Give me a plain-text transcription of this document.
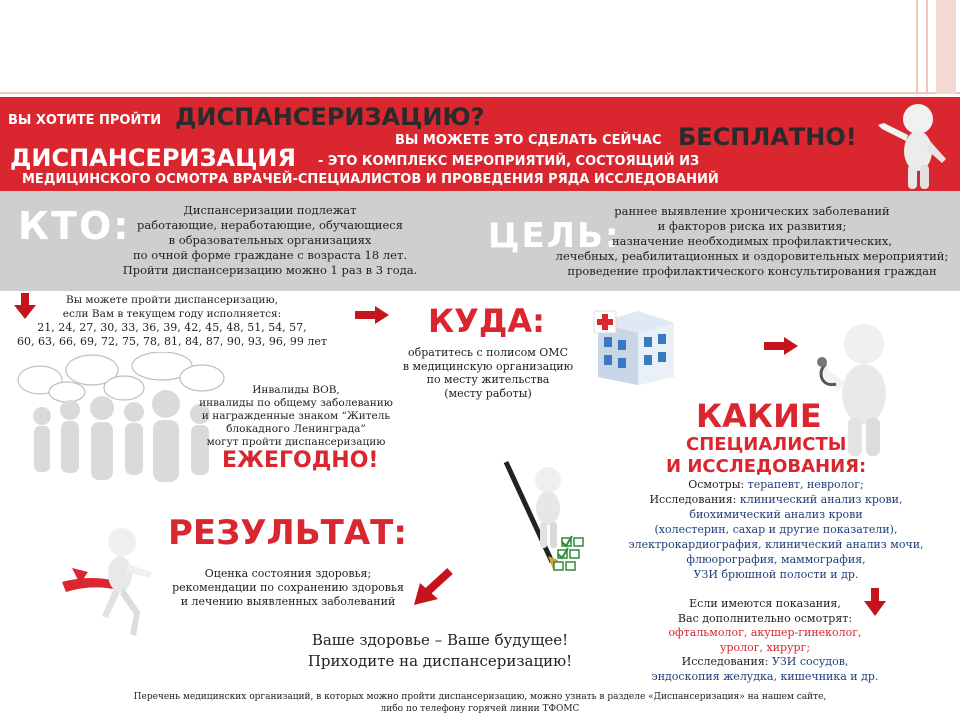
ВЫ ХОТИТЕ ПРОЙТИ ДИСПАНСЕРИЗАЦИЮ?
ВЫ МОЖЕТЕ ЭТО СДЕЛАТЬ СЕЙЧАС БЕСПЛАТНО!
ДИСПАНСЕРИЗАЦИЯ - ЭТО КОМПЛЕКС МЕРОПРИЯТИЙ, СОСТОЯЩИЙ ИЗ
МЕДИЦИНСКОГО ОСМОТРА ВРАЧЕЙ-СПЕЦИАЛИСТОВ И ПРОВЕДЕНИЯ РЯДА ИССЛЕДОВАНИЙ
КТО:	ЦЕЛЬ:
Диспансеризации подлежат
работающие, неработающие, обучающиеся
в образовательных организациях
по очной форме граждане с возраста 18 лет.
Пройти диспансеризацию можно 1 раз в 3 года.
раннее выявление хронических заболеваний
и факторов риска их развития;
назначение необходимых профилактических,
лечебных, реабилитационных и оздоровительных мероприятий;
проведение профилактического консультирования граждан
Вы можете пройти диспансеризацию,
если Вам в текущем году исполняется:
21, 24, 27, 30, 33, 36, 39, 42, 45, 48, 51, 54, 57,
60, 63, 66, 69, 72, 75, 78, 81, 84, 87, 90, 93, 96, 99 лет
КУДА:
обратитесь с полисом ОМС
в медицинскую организацию
по месту жительства
(месту работы)
Инвалиды ВОВ,
инвалиды по общему заболеванию
и награжденные знаком “Житель
блокадного Ленинграда”
могут пройти диспансеризацию
ЕЖЕГОДНО!
КАКИЕ
СПЕЦИАЛИСТЫ
И ИССЛЕДОВАНИЯ:
Осмотры: терапевт, невролог;
Исследования: клинический анализ крови,
биохимический анализ крови
(холестерин, сахар и другие показатели),
электрокардиография, клинический анализ мочи,
флюорография, маммография,
УЗИ брюшной полости и др.
Если имеются показания,
Вас дополнительно осмотрят:
офтальмолог, акушер-гинеколог,
уролог, хирург;
Исследования: УЗИ сосудов,
эндоскопия желудка, кишечника и др.
РЕЗУЛЬТАТ:
Оценка состояния здоровья;
рекомендации по сохранению здоровья
и лечению выявленных заболеваний
Ваше здоровье – Ваше будущее!
Приходите на диспансеризацию!
Перечень медицинских организаций, в которых можно пройти диспансеризацию, можно узнать в разделе «Диспансеризация» на нашем сайте,
либо по телефону горячей линии ТФОМС
